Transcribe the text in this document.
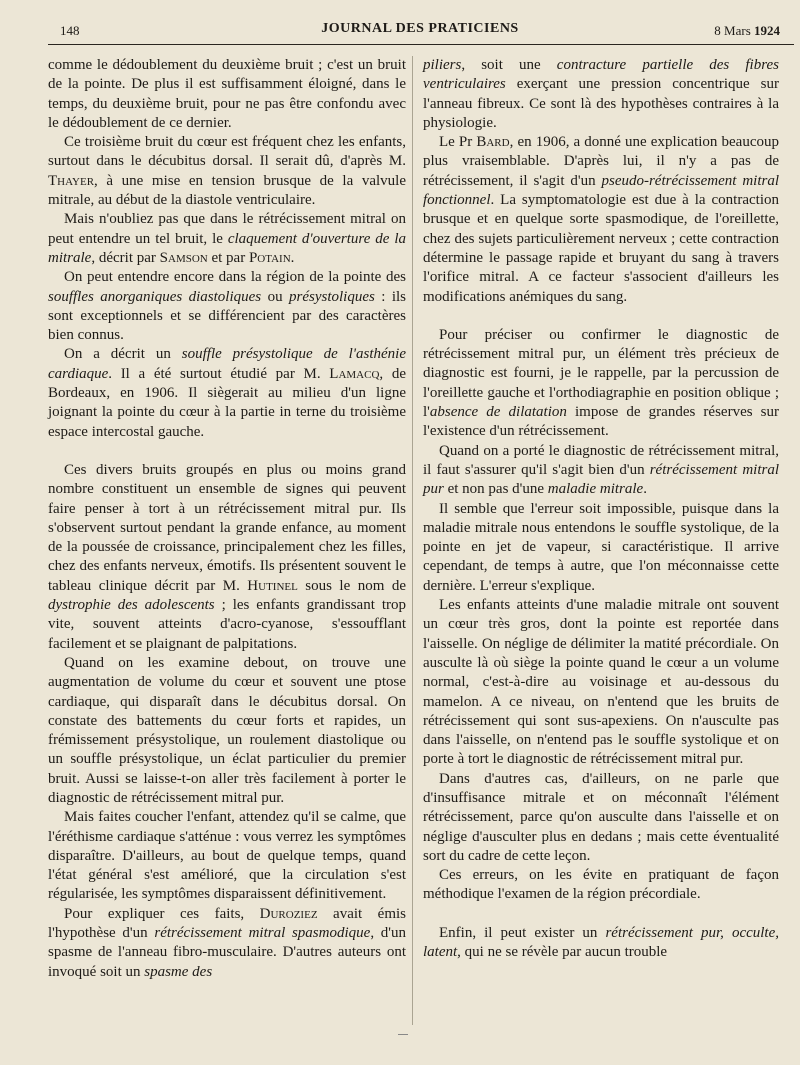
148	JOURNAL DES PRATICIENS	8 Mars 1924

comme le dédoublement du deuxième bruit ; c'est un bruit de la pointe. De plus il est suffisamment éloigné, dans le temps, du deuxième bruit, pour ne pas être confondu avec le dédoublement de ce dernier.

Ce troisième bruit du cœur est fréquent chez les enfants, surtout dans le décubitus dorsal. Il serait dû, d'après M. Thayer, à une mise en tension brusque de la valvule mitrale, au début de la diastole ventriculaire.

Mais n'oubliez pas que dans le rétrécissement mitral on peut entendre un tel bruit, le claquement d'ouverture de la mitrale, décrit par Samson et par Potain.

On peut entendre encore dans la région de la pointe des souffles anorganiques diastoliques ou présystoliques : ils sont exceptionnels et se différencient par des caractères bien connus.

On a décrit un souffle présystolique de l'asthénie cardiaque. Il a été surtout étudié par M. Lamacq, de Bordeaux, en 1906. Il siègerait au milieu d'un ligne joignant la pointe du cœur à la partie in terne du troisième espace intercostal gauche.

Ces divers bruits groupés en plus ou moins grand nombre constituent un ensemble de signes qui peuvent faire penser à tort à un rétrécissement mitral pur. Ils s'observent surtout pendant la grande enfance, au moment de la poussée de croissance, principalement chez les filles, chez des enfants nerveux, émotifs. Ils présentent souvent le tableau clinique décrit par M. Hutinel sous le nom de dystrophie des adolescents ; les enfants grandissant trop vite, souvent atteints d'acro-cyanose, s'essoufflant facilement et se plaignant de palpitations.

Quand on les examine debout, on trouve une augmentation de volume du cœur et souvent une ptose cardiaque, qui disparaît dans le décubitus dorsal. On constate des battements du cœur forts et rapides, un frémissement présystolique, un roulement diastolique ou un souffle présystolique, un éclat particulier du premier bruit. Aussi se laisse-t-on aller très facilement à porter le diagnostic de rétrécissement mitral pur.

Mais faites coucher l'enfant, attendez qu'il se calme, que l'éréthisme cardiaque s'atténue : vous verrez les symptômes disparaître. D'ailleurs, au bout de quelque temps, quand l'état général s'est amélioré, que la circulation s'est régularisée, les symptômes disparaissent définitivement.

Pour expliquer ces faits, Duroziez avait émis l'hypothèse d'un rétrécissement mitral spasmodique, d'un spasme de l'anneau fibro-musculaire. D'autres auteurs ont invoqué soit un spasme des

piliers, soit une contracture partielle des fibres ventriculaires exerçant une pression concentrique sur l'anneau fibreux. Ce sont là des hypothèses contraires à la physiologie.

Le Pr Bard, en 1906, a donné une explication beaucoup plus vraisemblable. D'après lui, il n'y a pas de rétrécissement, il s'agit d'un pseudo-rétrécissement mitral fonctionnel. La symptomatologie est due à la contraction brusque et en quelque sorte spasmodique, de l'oreillette, chez des sujets particulièrement nerveux ; cette contraction détermine le passage rapide et bruyant du sang à travers l'orifice mitral. A ce facteur s'associent d'ailleurs les modifications anémiques du sang.

Pour préciser ou confirmer le diagnostic de rétrécissement mitral pur, un élément très précieux de diagnostic est fourni, je le rappelle, par la percussion de l'oreillette gauche et l'orthodiagraphie en position oblique ; l'absence de dilatation impose de grandes réserves sur l'existence d'un rétrécissement.

Quand on a porté le diagnostic de rétrécissement mitral, il faut s'assurer qu'il s'agit bien d'un rétrécissement mitral pur et non pas d'une maladie mitrale.

Il semble que l'erreur soit impossible, puisque dans la maladie mitrale nous entendons le souffle systolique, de la pointe en jet de vapeur, si caractéristique. Il arrive cependant, de temps à autre, que l'on méconnaisse cette dernière. L'erreur s'explique.

Les enfants atteints d'une maladie mitrale ont souvent un cœur très gros, dont la pointe est reportée dans l'aisselle. On néglige de délimiter la matité précordiale. On ausculte là où siège la pointe quand le cœur a un volume normal, c'est-à-dire au voisinage et au-dessous du mamelon. A ce niveau, on n'entend que les bruits de rétrécissement qui sont sus-apexiens. On n'ausculte pas dans l'aisselle, on n'entend pas le souffle systolique et on porte à tort le diagnostic de rétrécissement mitral pur.

Dans d'autres cas, d'ailleurs, on ne parle que d'insuffisance mitrale et on méconnaît l'élément rétrécissement, parce qu'on ausculte dans l'aisselle et on néglige d'ausculter plus en dedans ; mais cette éventualité sort du cadre de cette leçon.

Ces erreurs, on les évite en pratiquant de façon méthodique l'examen de la région précordiale.

Enfin, il peut exister un rétrécissement pur, occulte, latent, qui ne se révèle par aucun trouble
